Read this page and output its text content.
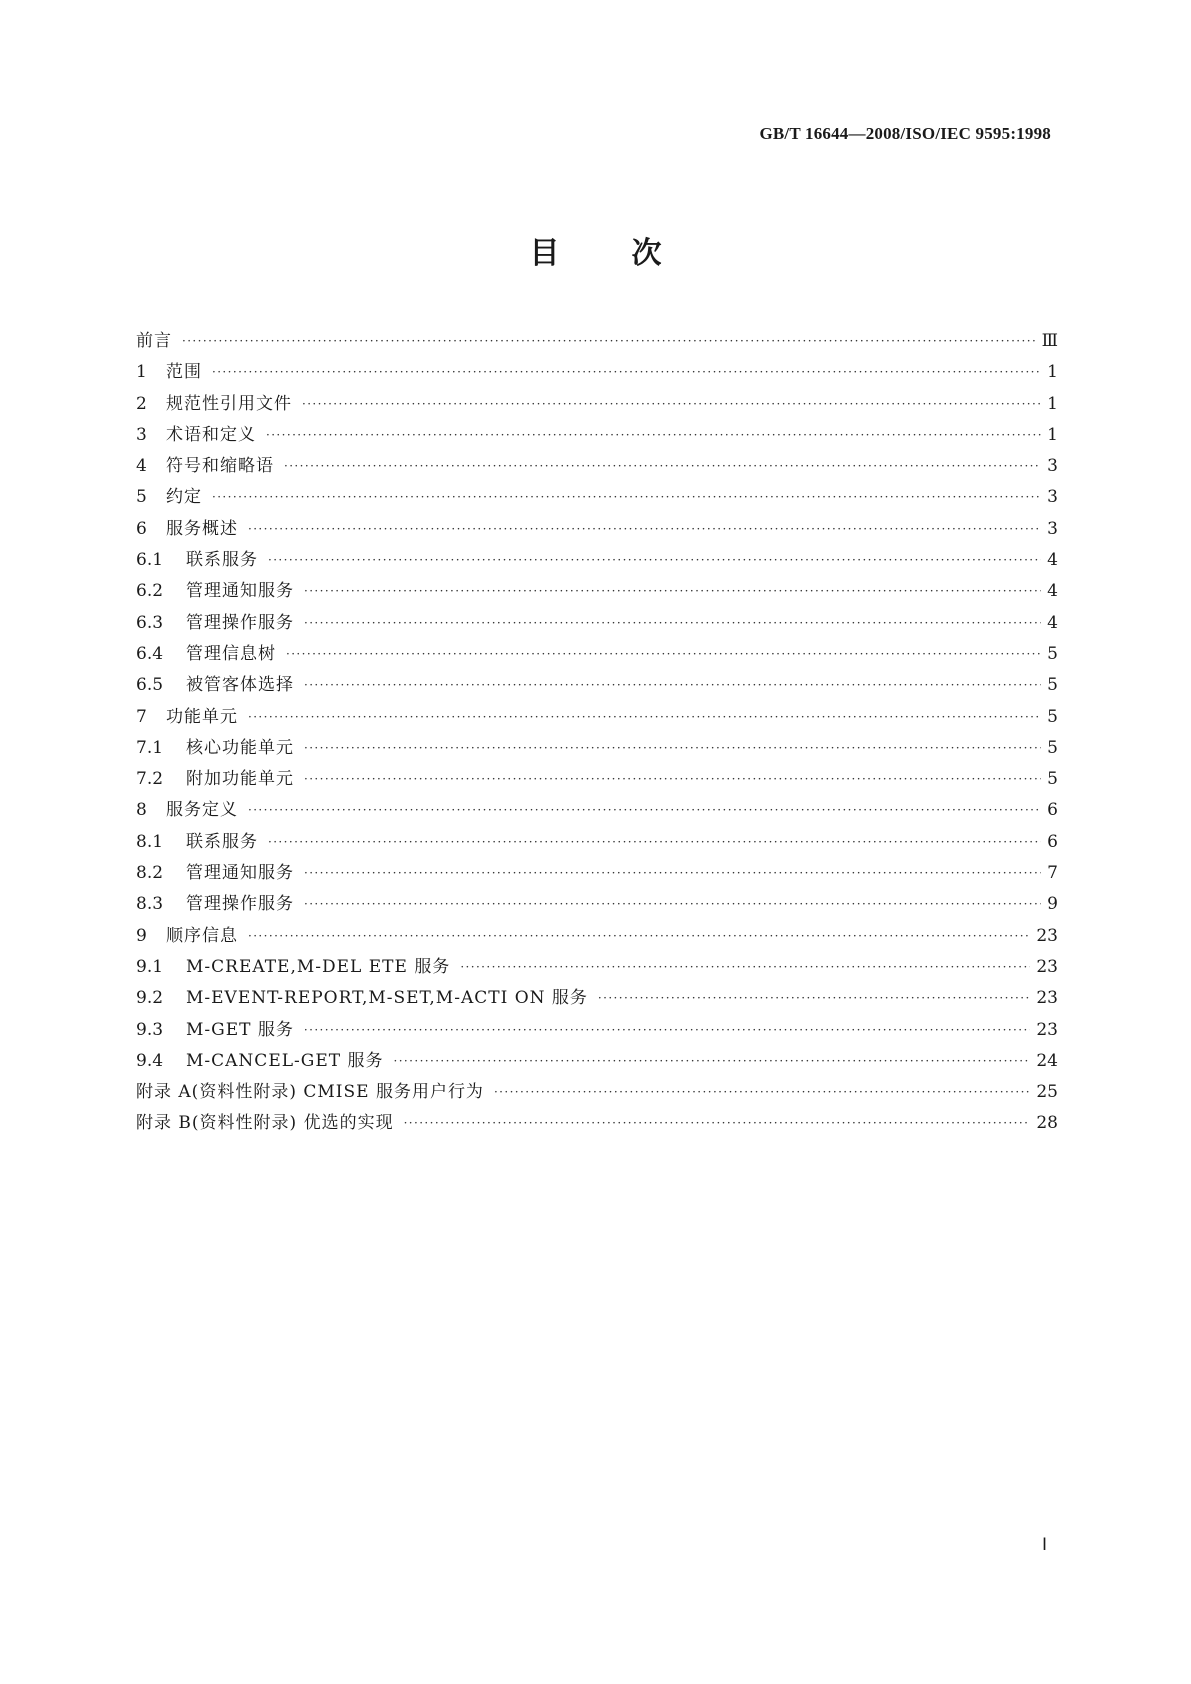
GB/T 16644—2008/ISO/IEC 9595:1998
目次
前言 ·····	Ⅲ
1	范围 ·····	1
2	规范性引用文件 ·····	1
3	术语和定义 ·····	1
4	符号和缩略语 ·····	3
5	约定 ·····	3
6	服务概述 ·····	3
6.1	联系服务 ·····	4
6.2	管理通知服务 ·····	4
6.3	管理操作服务 ·····	4
6.4	管理信息树 ·····	5
6.5	被管客体选择 ·····	5
7	功能单元 ·····	5
7.1	核心功能单元 ·····	5
7.2	附加功能单元 ·····	5
8	服务定义 ·····	6
8.1	联系服务 ·····	6
8.2	管理通知服务 ·····	7
8.3	管理操作服务 ·····	9
9	顺序信息 ·····	23
9.1	M-CREATE,M-DEL ETE 服务 ·····	23
9.2	M-EVENT-REPORT,M-SET,M-ACTI ON 服务 ·····	23
9.3	M-GET 服务 ·····	23
9.4	M-CANCEL-GET 服务 ·····	24
附录 A(资料性附录) CMISE 服务用户行为 ·····	25
附录 B(资料性附录) 优选的实现 ·····	28
Ⅰ
